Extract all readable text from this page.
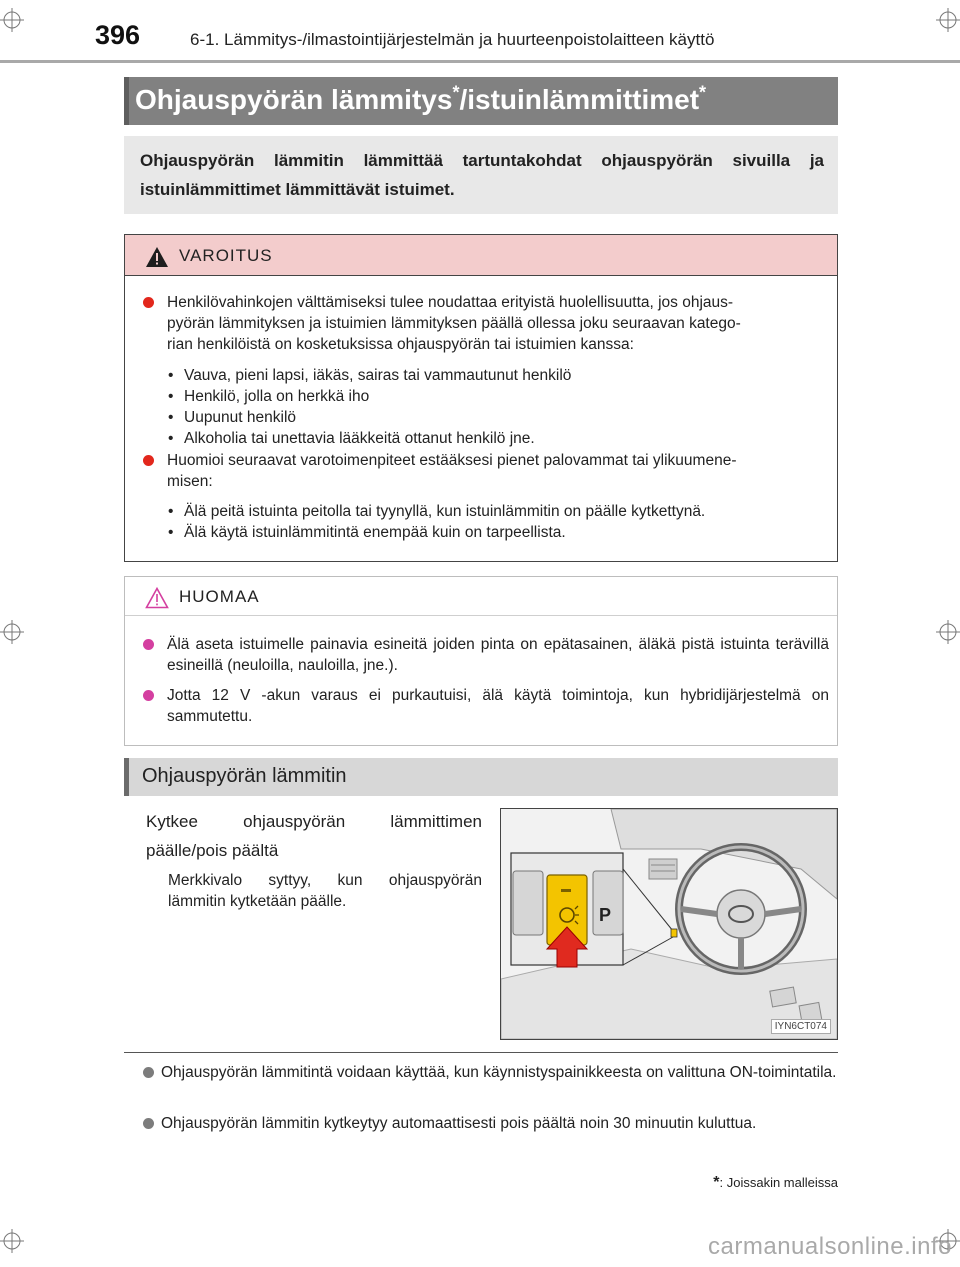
396	6-1. Lämmitys-/ilmastointijärjestelmän ja huurteenpoistolaitteen käyttö
Ohjauspyörän lämmitys*/istuinlämmittimet*
Ohjauspyörän lämmitin lämmittää tartuntakohdat ohjauspyörän sivuilla ja istuinlämmittimet lämmittävät istuimet.
VAROITUS
Henkilövahinkojen välttämiseksi tulee noudattaa erityistä huolellisuutta, jos ohjaus-
pyörän lämmityksen ja istuimien lämmityksen päällä ollessa joku seuraavan katego-
rian henkilöistä on kosketuksissa ohjauspyörän tai istuimien kanssa:
• Vauva, pieni lapsi, iäkäs, sairas tai vammautunut henkilö
• Henkilö, jolla on herkkä iho
• Uupunut henkilö
• Alkoholia tai unettavia lääkkeitä ottanut henkilö jne.
Huomioi seuraavat varotoimenpiteet estääksesi pienet palovammat tai ylikuumene-
misen:
• Älä peitä istuinta peitolla tai tyynyllä, kun istuinlämmitin on päälle kytkettynä.
• Älä käytä istuinlämmitintä enempää kuin on tarpeellista.
HUOMAA
Älä aseta istuimelle painavia esineitä joiden pinta on epätasainen, äläkä pistä istuinta terävillä esineillä (neuloilla, nauloilla, jne.).
Jotta 12 V -akun varaus ei purkautuisi, älä käytä toimintoja, kun hybridijärjestelmä on sammutettu.
Ohjauspyörän lämmitin
Kytkee	ohjauspyörän	lämmittimen
päälle/pois päältä
Merkkivalo syttyy, kun ohjauspyörän
lämmitin kytketään päälle.
P
IYN6CT074
Ohjauspyörän lämmitintä voidaan käyttää, kun käynnistyspainikkeesta on valittuna ON-toimintatila.
Ohjauspyörän lämmitin kytkeytyy automaattisesti pois päältä noin 30 minuutin kuluttua.
*: Joissakin malleissa
carmanualsonline.info
